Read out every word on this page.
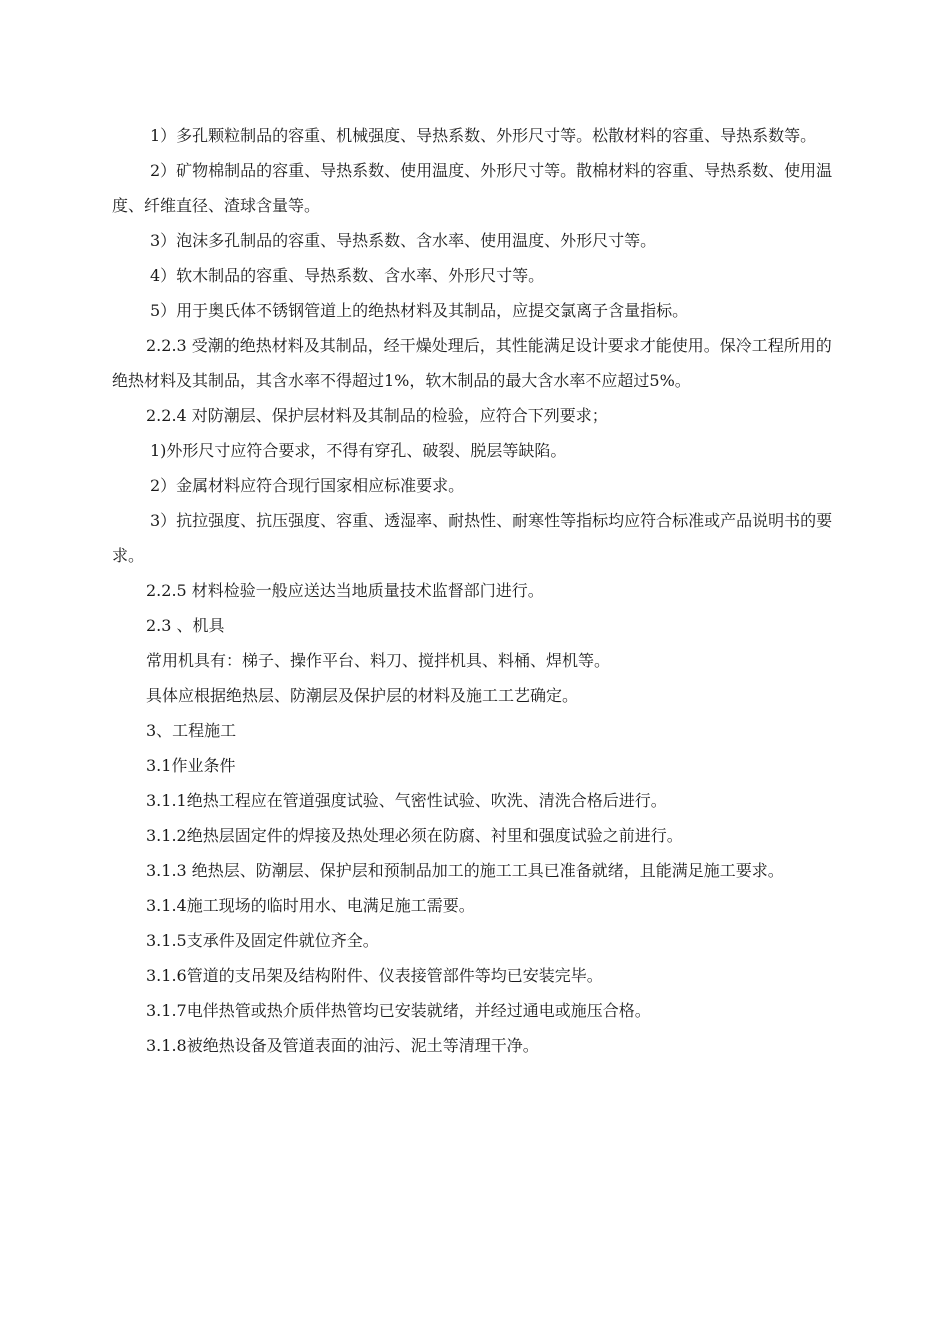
1）多孔颗粒制品的容重、机械强度、导热系数、外形尺寸等。松散材料的容重、导热系数等。

2）矿物棉制品的容重、导热系数、使用温度、外形尺寸等。散棉材料的容重、导热系数、使用温度、纤维直径、渣球含量等。

3）泡沫多孔制品的容重、导热系数、含水率、使用温度、外形尺寸等。

4）软木制品的容重、导热系数、含水率、外形尺寸等。

5）用于奥氏体不锈钢管道上的绝热材料及其制品，应提交氯离子含量指标。

2.2.3 受潮的绝热材料及其制品，经干燥处理后，其性能满足设计要求才能使用。保冷工程所用的绝热材料及其制品，其含水率不得超过1%，软木制品的最大含水率不应超过5%。

2.2.4 对防潮层、保护层材料及其制品的检验，应符合下列要求；

1)外形尺寸应符合要求，不得有穿孔、破裂、脱层等缺陷。

2）金属材料应符合现行国家相应标准要求。

3）抗拉强度、抗压强度、容重、透湿率、耐热性、耐寒性等指标均应符合标准或产品说明书的要求。

2.2.5 材料检验一般应送达当地质量技术监督部门进行。

2.3 、机具

常用机具有：梯子、操作平台、料刀、搅拌机具、料桶、焊机等。

具体应根据绝热层、防潮层及保护层的材料及施工工艺确定。

3、工程施工

3.1作业条件

3.1.1绝热工程应在管道强度试验、气密性试验、吹洗、清洗合格后进行。

3.1.2绝热层固定件的焊接及热处理必须在防腐、衬里和强度试验之前进行。

3.1.3 绝热层、防潮层、保护层和预制品加工的施工工具已准备就绪，且能满足施工要求。

3.1.4施工现场的临时用水、电满足施工需要。

3.1.5支承件及固定件就位齐全。

3.1.6管道的支吊架及结构附件、仪表接管部件等均已安装完毕。

3.1.7电伴热管或热介质伴热管均已安装就绪，并经过通电或施压合格。

3.1.8被绝热设备及管道表面的油污、泥土等清理干净。
